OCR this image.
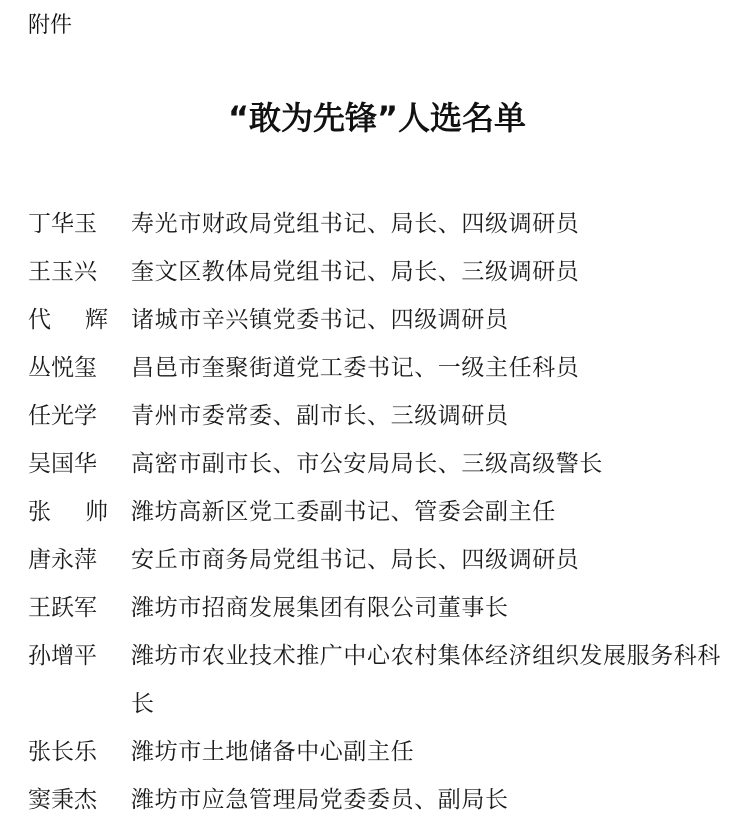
附件
“敢为先锋”人选名单
丁华玉	寿光市财政局党组书记、局长、四级调研员
王玉兴	奎文区教体局党组书记、局长、三级调研员
代 辉	诸城市辛兴镇党委书记、四级调研员
丛悦玺	昌邑市奎聚街道党工委书记、一级主任科员
任光学	青州市委常委、副市长、三级调研员
吴国华	高密市副市长、市公安局局长、三级高级警长
张 帅	潍坊高新区党工委副书记、管委会副主任
唐永萍	安丘市商务局党组书记、局长、四级调研员
王跃军	潍坊市招商发展集团有限公司董事长
孙增平	潍坊市农业技术推广中心农村集体经济组织发展服务科科长
张长乐	潍坊市土地储备中心副主任
窦秉杰	潍坊市应急管理局党委委员、副局长
